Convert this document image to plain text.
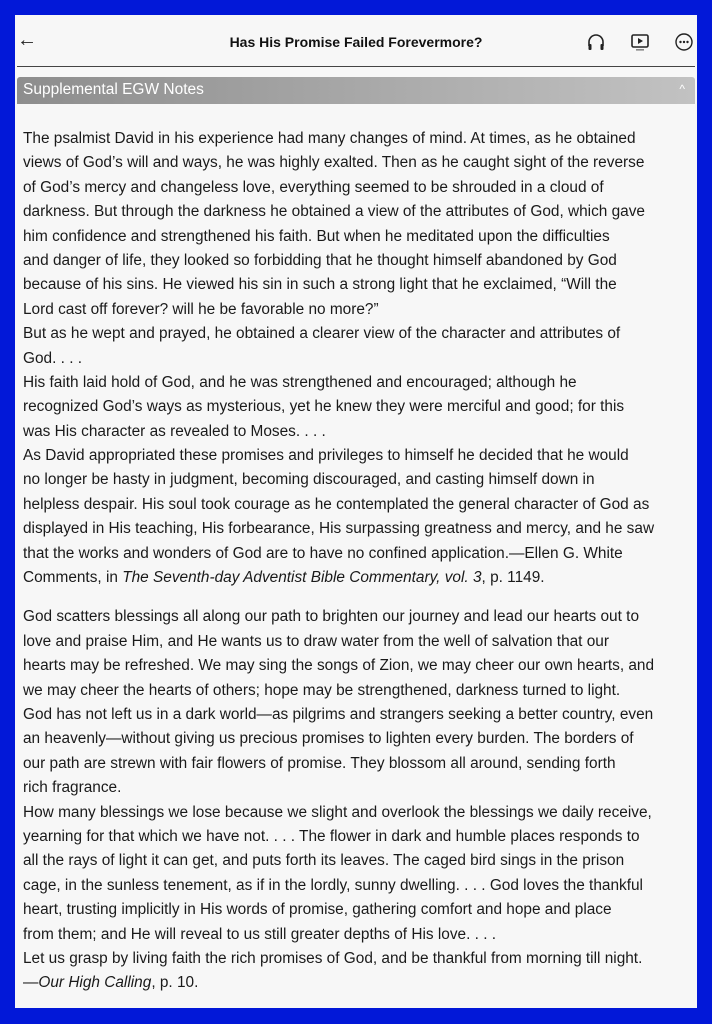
←	Has His Promise Failed Forevermore?
Supplemental EGW Notes	^
The psalmist David in his experience had many changes of mind. At times, as he obtained
views of God’s will and ways, he was highly exalted. Then as he caught sight of the reverse
of God’s mercy and changeless love, everything seemed to be shrouded in a cloud of
darkness. But through the darkness he obtained a view of the attributes of God, which gave
him confidence and strengthened his faith. But when he meditated upon the difficulties
and danger of life, they looked so forbidding that he thought himself abandoned by God
because of his sins. He viewed his sin in such a strong light that he exclaimed, “Will the
Lord cast off forever? will he be favorable no more?”
But as he wept and prayed, he obtained a clearer view of the character and attributes of
God. . . .
His faith laid hold of God, and he was strengthened and encouraged; although he
recognized God’s ways as mysterious, yet he knew they were merciful and good; for this
was His character as revealed to Moses. . . .
As David appropriated these promises and privileges to himself he decided that he would
no longer be hasty in judgment, becoming discouraged, and casting himself down in
helpless despair. His soul took courage as he contemplated the general character of God as
displayed in His teaching, His forbearance, His surpassing greatness and mercy, and he saw
that the works and wonders of God are to have no confined application.—Ellen G. White
Comments, in The Seventh-day Adventist Bible Commentary, vol. 3, p. 1149.
God scatters blessings all along our path to brighten our journey and lead our hearts out to
love and praise Him, and He wants us to draw water from the well of salvation that our
hearts may be refreshed. We may sing the songs of Zion, we may cheer our own hearts, and
we may cheer the hearts of others; hope may be strengthened, darkness turned to light.
God has not left us in a dark world—as pilgrims and strangers seeking a better country, even
an heavenly—without giving us precious promises to lighten every burden. The borders of
our path are strewn with fair flowers of promise. They blossom all around, sending forth
rich fragrance.
How many blessings we lose because we slight and overlook the blessings we daily receive,
yearning for that which we have not. . . . The flower in dark and humble places responds to
all the rays of light it can get, and puts forth its leaves. The caged bird sings in the prison
cage, in the sunless tenement, as if in the lordly, sunny dwelling. . . . God loves the thankful
heart, trusting implicitly in His words of promise, gathering comfort and hope and place
from them; and He will reveal to us still greater depths of His love. . . .
Let us grasp by living faith the rich promises of God, and be thankful from morning till night.
—Our High Calling, p. 10.
